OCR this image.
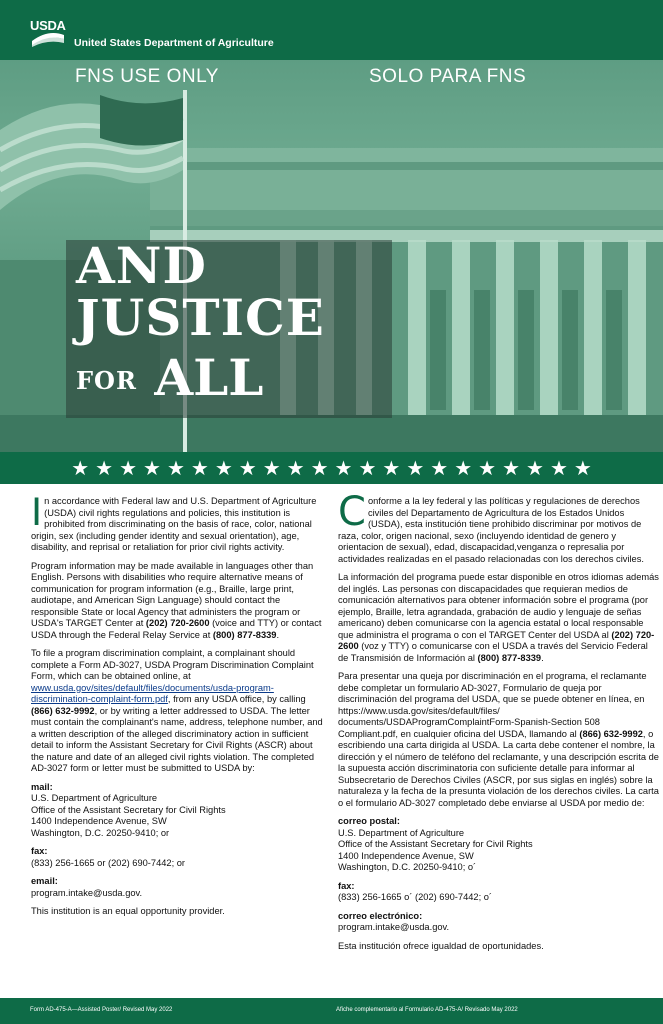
USDA
United States Department of Agriculture
FNS USE ONLY	SOLO PARA FNS
AND
JUSTICE
FOR ALL
★ ★ ★ ★ ★ ★ ★ ★ ★ ★ ★ ★ ★ ★ ★ ★ ★ ★ ★ ★ ★ ★

In accordance with Federal law and U.S. Department of Agriculture (USDA) civil rights regulations and policies, this institution is prohibited from discriminating on the basis of race, color, national origin, sex (including gender identity and sexual orientation), age, disability, and reprisal or retaliation for prior civil rights activity.

Program information may be made available in languages other than English. Persons with disabilities who require alternative means of communication for program information (e.g., Braille, large print, audiotape, and American Sign Language) should contact the responsible State or local Agency that administers the program or USDA's TARGET Center at (202) 720-2600 (voice and TTY) or contact USDA through the Federal Relay Service at (800) 877-8339.

To file a program discrimination complaint, a complainant should complete a Form AD-3027, USDA Program Discrimination Complaint Form, which can be obtained online, at www.usda.gov/sites/default/files/documents/usda-program-discrimination-complaint-form.pdf, from any USDA office, by calling (866) 632-9992, or by writing a letter addressed to USDA. The letter must contain the complainant's name, address, telephone number, and a written description of the alleged discriminatory action in sufficient detail to inform the Assistant Secretary for Civil Rights (ASCR) about the nature and date of an alleged civil rights violation. The completed AD-3027 form or letter must be submitted to USDA by:

mail:
U.S. Department of Agriculture
Office of the Assistant Secretary for Civil Rights
1400 Independence Avenue, SW
Washington, D.C. 20250-9410; or

fax:
(833) 256-1665 or (202) 690-7442; or

email:
program.intake@usda.gov.

This institution is an equal opportunity provider.

Conforme a la ley federal y las políticas y regulaciones de derechos civiles del Departamento de Agricultura de los Estados Unidos (USDA), esta institución tiene prohibido discriminar por motivos de raza, color, origen nacional, sexo (incluyendo identidad de genero y orientacion de sexual), edad, discapacidad,venganza o represalia por actividades realizadas en el pasado relacionadas con los derechos civiles.

La información del programa puede estar disponible en otros idiomas además del inglés. Las personas con discapacidades que requieran medios de comunicación alternativos para obtener información sobre el programa (por ejemplo, Braille, letra agrandada, grabación de audio y lenguaje de señas americano) deben comunicarse con la agencia estatal o local responsable que administra el programa o con el TARGET Center del USDA al (202) 720-2600 (voz y TTY) o comunicarse con el USDA a través del Servicio Federal de Transmisión de Información al (800) 877-8339.

Para presentar una queja por discriminación en el programa, el reclamante debe completar un formulario AD-3027, Formulario de queja por discriminación del programa del USDA, que se puede obtener en línea, en https://www.usda.gov/sites/default/files/ documents/USDAProgramComplaintForm-Spanish-Section 508 Compliant.pdf, en cualquier oficina del USDA, llamando al (866) 632-9992, o escribiendo una carta dirigida al USDA. La carta debe contener el nombre, la dirección y el número de teléfono del reclamante, y una descripción escrita de la supuesta acción discriminatoria con suficiente detalle para informar al Subsecretario de Derechos Civiles (ASCR, por sus siglas en inglés) sobre la naturaleza y la fecha de la presunta violación de los derechos civiles. La carta o el formulario AD-3027 completado debe enviarse al USDA por medio de:

correo postal:
U.S. Department of Agriculture
Office of the Assistant Secretary for Civil Rights
1400 Independence Avenue, SW
Washington, D.C. 20250-9410; o´

fax:
(833) 256-1665 o´ (202) 690-7442; o´

correo electrónico:
program.intake@usda.gov.

Esta institución ofrece igualdad de oportunidades.

Form AD-475-A—Assisted Poster/ Revised May 2022	Afiche complementario al Formulario AD-475-A/ Revisado May 2022
